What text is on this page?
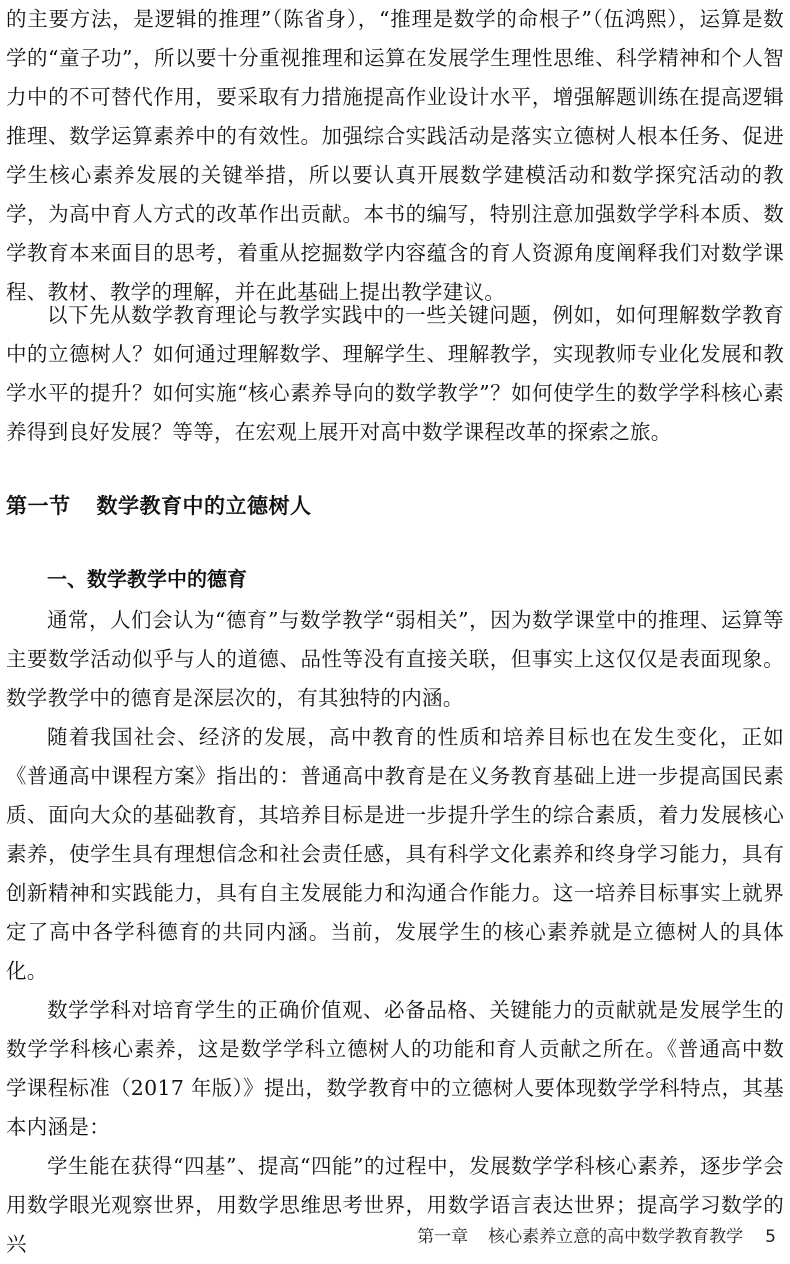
的主要方法，是逻辑的推理”（陈省身），“推理是数学的命根子”（伍鸿熙），运算是数学的“童子功”，所以要十分重视推理和运算在发展学生理性思维、科学精神和个人智力中的不可替代作用，要采取有力措施提高作业设计水平，增强解题训练在提高逻辑推理、数学运算素养中的有效性。加强综合实践活动是落实立德树人根本任务、促进学生核心素养发展的关键举措，所以要认真开展数学建模活动和数学探究活动的教学，为高中育人方式的改革作出贡献。本书的编写，特别注意加强数学学科本质、数学教育本来面目的思考，着重从挖掘数学内容蕴含的育人资源角度阐释我们对数学课程、教材、教学的理解，并在此基础上提出教学建议。

以下先从数学教育理论与教学实践中的一些关键问题，例如，如何理解数学教育中的立德树人？如何通过理解数学、理解学生、理解教学，实现教师专业化发展和教学水平的提升？如何实施“核心素养导向的数学教学”？如何使学生的数学学科核心素养得到良好发展？等等，在宏观上展开对高中数学课程改革的探索之旅。

第一节 数学教育中的立德树人
一、数学教学中的德育

通常，人们会认为“德育”与数学教学“弱相关”，因为数学课堂中的推理、运算等主要数学活动似乎与人的道德、品性等没有直接关联，但事实上这仅仅是表面现象。数学教学中的德育是深层次的，有其独特的内涵。

随着我国社会、经济的发展，高中教育的性质和培养目标也在发生变化，正如《普通高中课程方案》指出的：普通高中教育是在义务教育基础上进一步提高国民素质、面向大众的基础教育，其培养目标是进一步提升学生的综合素质，着力发展核心素养，使学生具有理想信念和社会责任感，具有科学文化素养和终身学习能力，具有创新精神和实践能力，具有自主发展能力和沟通合作能力。这一培养目标事实上就界定了高中各学科德育的共同内涵。当前，发展学生的核心素养就是立德树人的具体化。

数学学科对培育学生的正确价值观、必备品格、关键能力的贡献就是发展学生的数学学科核心素养，这是数学学科立德树人的功能和育人贡献之所在。《普通高中数学课程标准（2017 年版）》提出，数学教育中的立德树人要体现数学学科特点，其基本内涵是：

学生能在获得“四基”、提高“四能”的过程中，发展数学学科核心素养，逐步学会用数学眼光观察世界，用数学思维思考世界，用数学语言表达世界；提高学习数学的兴	第一章 核心素养立意的高中数学教育教学 5
